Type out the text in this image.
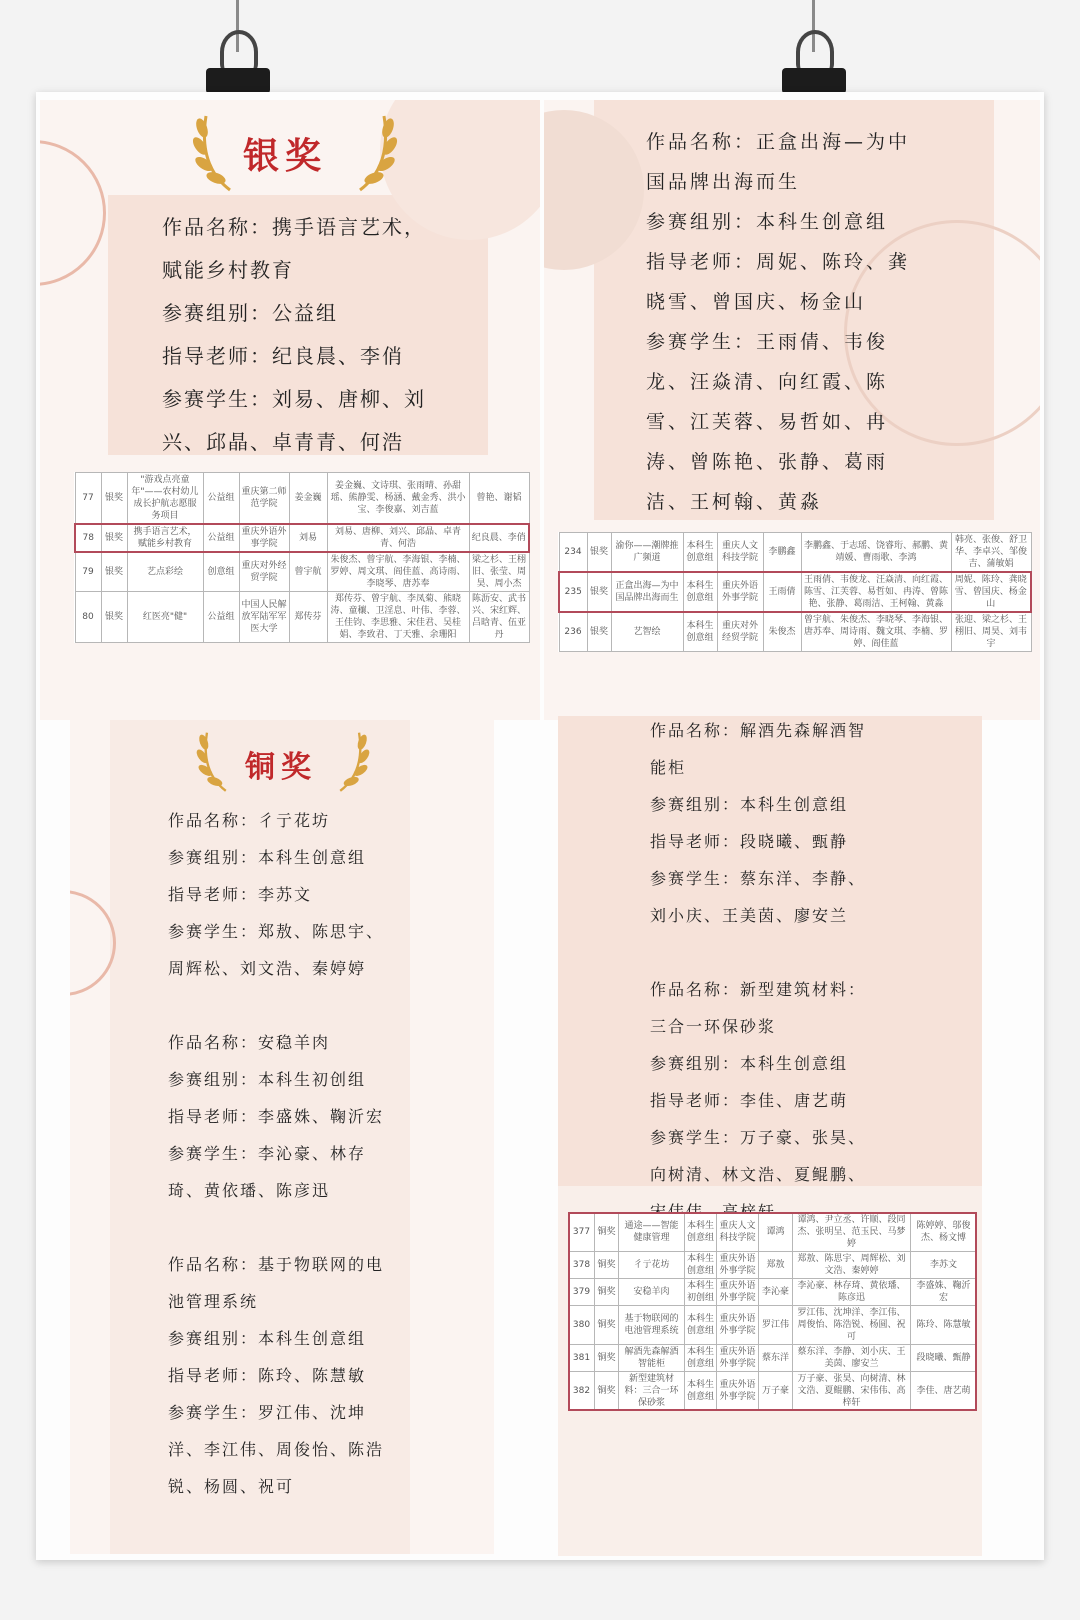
银奖
作品名称：携手语言艺术，
赋能乡村教育
参赛组别：公益组
指导老师：纪良晨、李俏
参赛学生：刘易、唐柳、刘
兴、邱晶、卓青青、何浩
77	银奖	"游戏点亮童年"——农村幼儿成长护航志愿服务项目	公益组	重庆第二师范学院	姜金巍	姜金巍、文诗琪、张雨晴、孙甜瑶、熊静雯、杨涵、戴金秀、洪小宝、李俊嘉、刘吉蓝	曾艳、谢韬
78	银奖	携手语言艺术，赋能乡村教育	公益组	重庆外语外事学院	刘易	刘易、唐柳、刘兴、邱晶、卓青青、何浩	纪良晨、李俏
79	银奖	艺点彩绘	创意组	重庆对外经贸学院	曾宇航	朱俊杰、曾宇航、李海银、李楠、罗婷、周文琪、阎佳蓝、高诗雨、李晓琴、唐苏奉	梁之杉、王栩旧、张莹、周昊、周小杰
80	银奖	红医亮"健"	公益组	中国人民解放军陆军军医大学	郑传芬	郑传芬、曾宇航、李凤菊、熊晓涛、童穰、卫淫息、叶伟、李蓉、王佳钧、李思雅、宋佳君、吴桂娟、李致君、丁天雅、余珊阳	陈沥安、武书兴、宋红辉、吕晗青、伍亚丹
作品名称：正盒出海—为中
国品牌出海而生
参赛组别：本科生创意组
指导老师：周妮、陈玲、龚
晓雪、曾国庆、杨金山
参赛学生：王雨倩、韦俊
龙、汪焱清、向红霞、陈
雪、江芙蓉、易哲如、冉
涛、曾陈艳、张静、葛雨
洁、王柯翰、黄淼
234	银奖	渝你——潮牌推广频道	本科生创意组	重庆人文科技学院	李鹏鑫	李鹏鑫、于志瑶、饶睿珩、郝鹏、黄靖媛、曹雨歌、李鸿	韩亮、张俊、舒卫华、李卓兴、邹俊吉、蒲敏娟
235	银奖	正盒出海—为中国品牌出海而生	本科生创意组	重庆外语外事学院	王雨倩	王雨倩、韦俊龙、汪焱清、向红霞、陈雪、江芙蓉、易哲如、冉涛、曾陈艳、张静、葛雨洁、王柯翰、黄淼	周妮、陈玲、龚晓雪、曾国庆、杨金山
236	银奖	艺智绘	本科生创意组	重庆对外经贸学院	朱俊杰	曾宇航、朱俊杰、李晓琴、李海银、唐苏奉、周诗雨、魏文琪、李楠、罗婷、阎佳蓝	张迎、梁之杉、王栩旧、周昊、刘韦宇
铜奖
作品名称：彳亍花坊
参赛组别：本科生创意组
指导老师：李苏文
参赛学生：郑敖、陈思宇、
周辉松、刘文浩、秦婷婷
作品名称：安稳羊肉
参赛组别：本科生初创组
指导老师：李盛姝、鞠沂宏
参赛学生：李沁豪、林存
琦、黄依璠、陈彦迅
作品名称：基于物联网的电
池管理系统
参赛组别：本科生创意组
指导老师：陈玲、陈慧敏
参赛学生：罗江伟、沈坤
洋、李江伟、周俊怡、陈浩
锐、杨圆、祝可
作品名称：解酒先森解酒智
能柜
参赛组别：本科生创意组
指导老师：段晓曦、甄静
参赛学生：蔡东洋、李静、
刘小庆、王美茵、廖安兰
作品名称：新型建筑材料：
三合一环保砂浆
参赛组别：本科生创意组
指导老师：李佳、唐艺萌
参赛学生：万子豪、张昊、
向树清、林文浩、夏鲲鹏、
377	铜奖	通途——智能健康管理	本科生创意组	重庆人文科技学院	谭鸿	谭鸿、尹立丞、许顺、段同杰、张明呈、范玉民、马梦婷	陈婷婷、邬俊杰、杨文博
378	铜奖	彳亍花坊	本科生创意组	重庆外语外事学院	郑敖	郑敖、陈思宇、周辉松、刘文浩、秦婷婷	李苏文
379	铜奖	安稳羊肉	本科生初创组	重庆外语外事学院	李沁豪	李沁豪、林存琦、黄依璠、陈彦迅	李盛姝、鞠沂宏
380	铜奖	基于物联网的电池管理系统	本科生创意组	重庆外语外事学院	罗江伟	罗江伟、沈坤洋、李江伟、周俊怡、陈浩锐、杨圆、祝可	陈玲、陈慧敏
381	铜奖	解酒先森解酒智能柜	本科生创意组	重庆外语外事学院	蔡东洋	蔡东洋、李静、刘小庆、王美茵、廖安兰	段晓曦、甄静
382	铜奖	新型建筑材料：三合一环保砂浆	本科生创意组	重庆外语外事学院	万子豪	万子豪、张昊、向树清、林文浩、夏鲲鹏、宋伟伟、高梓轩	李佳、唐艺萌
